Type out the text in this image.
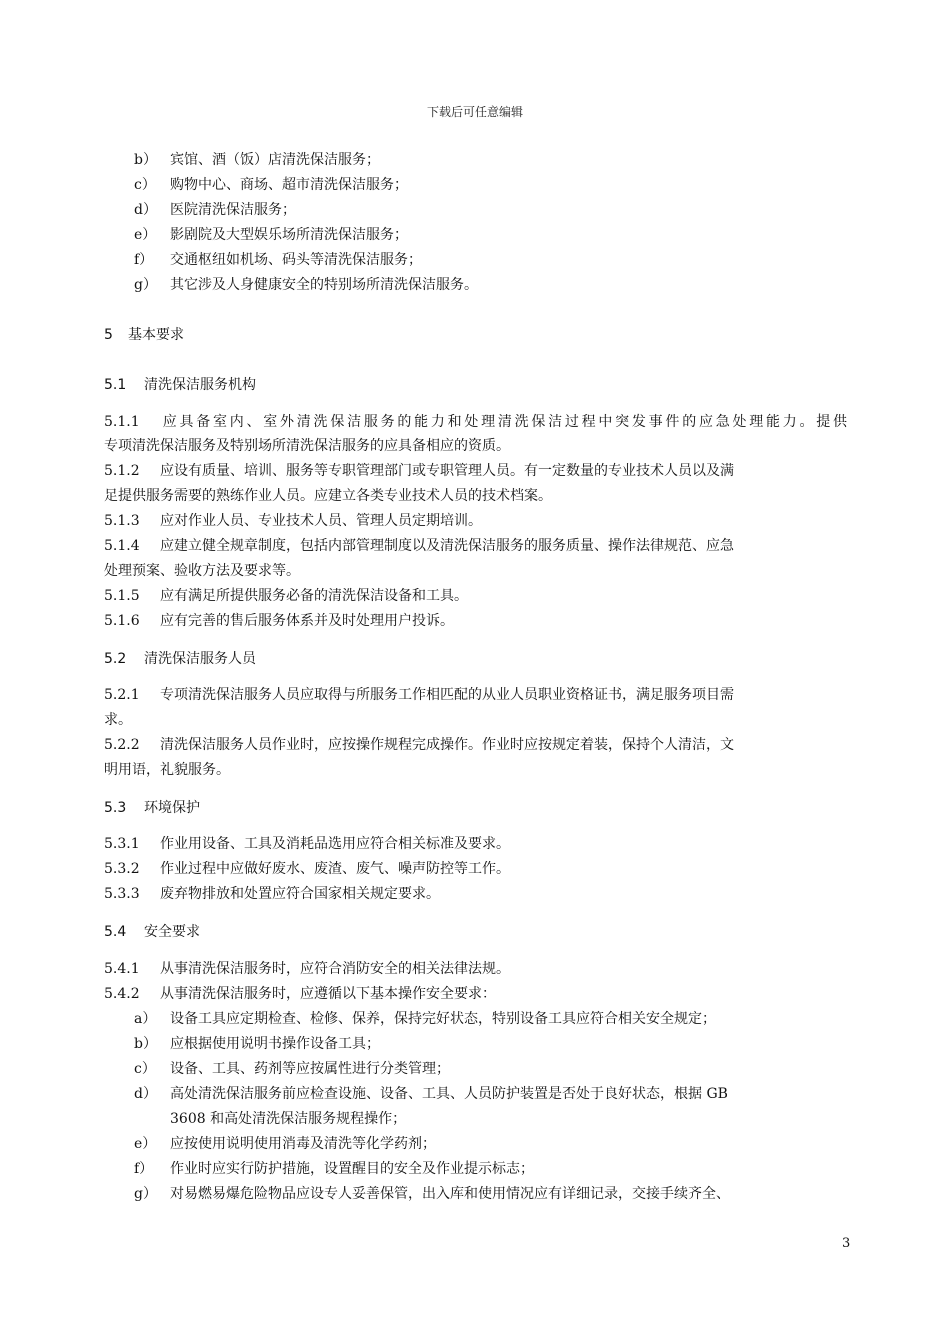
下载后可任意编辑
b） 宾馆、酒（饭）店清洗保洁服务；
c） 购物中心、商场、超市清洗保洁服务；
d） 医院清洗保洁服务；
e） 影剧院及大型娱乐场所清洗保洁服务；
f） 交通枢纽如机场、码头等清洗保洁服务；
g） 其它涉及人身健康安全的特别场所清洗保洁服务。
5 基本要求
5.1 清洗保洁服务机构
5.1.1 应具备室内、室外清洗保洁服务的能力和处理清洗保洁过程中突发事件的应急处理能力。提供
专项清洗保洁服务及特别场所清洗保洁服务的应具备相应的资质。
5.1.2 应设有质量、培训、服务等专职管理部门或专职管理人员。有一定数量的专业技术人员以及满
足提供服务需要的熟练作业人员。应建立各类专业技术人员的技术档案。
5.1.3 应对作业人员、专业技术人员、管理人员定期培训。
5.1.4 应建立健全规章制度，包括内部管理制度以及清洗保洁服务的服务质量、操作法律规范、应急
处理预案、验收方法及要求等。
5.1.5 应有满足所提供服务必备的清洗保洁设备和工具。
5.1.6 应有完善的售后服务体系并及时处理用户投诉。
5.2 清洗保洁服务人员
5.2.1 专项清洗保洁服务人员应取得与所服务工作相匹配的从业人员职业资格证书，满足服务项目需
求。
5.2.2 清洗保洁服务人员作业时，应按操作规程完成操作。作业时应按规定着装，保持个人清洁，文
明用语，礼貌服务。
5.3 环境保护
5.3.1 作业用设备、工具及消耗品选用应符合相关标准及要求。
5.3.2 作业过程中应做好废水、废渣、废气、噪声防控等工作。
5.3.3 废弃物排放和处置应符合国家相关规定要求。
5.4 安全要求
5.4.1 从事清洗保洁服务时，应符合消防安全的相关法律法规。
5.4.2 从事清洗保洁服务时，应遵循以下基本操作安全要求：
a） 设备工具应定期检查、检修、保养，保持完好状态，特别设备工具应符合相关安全规定；
b） 应根据使用说明书操作设备工具；
c） 设备、工具、药剂等应按属性进行分类管理；
d） 高处清洗保洁服务前应检查设施、设备、工具、人员防护装置是否处于良好状态，根据 GB
3608 和高处清洗保洁服务规程操作；
e） 应按使用说明使用消毒及清洗等化学药剂；
f） 作业时应实行防护措施，设置醒目的安全及作业提示标志；
g） 对易燃易爆危险物品应设专人妥善保管，出入库和使用情况应有详细记录，交接手续齐全、
3
